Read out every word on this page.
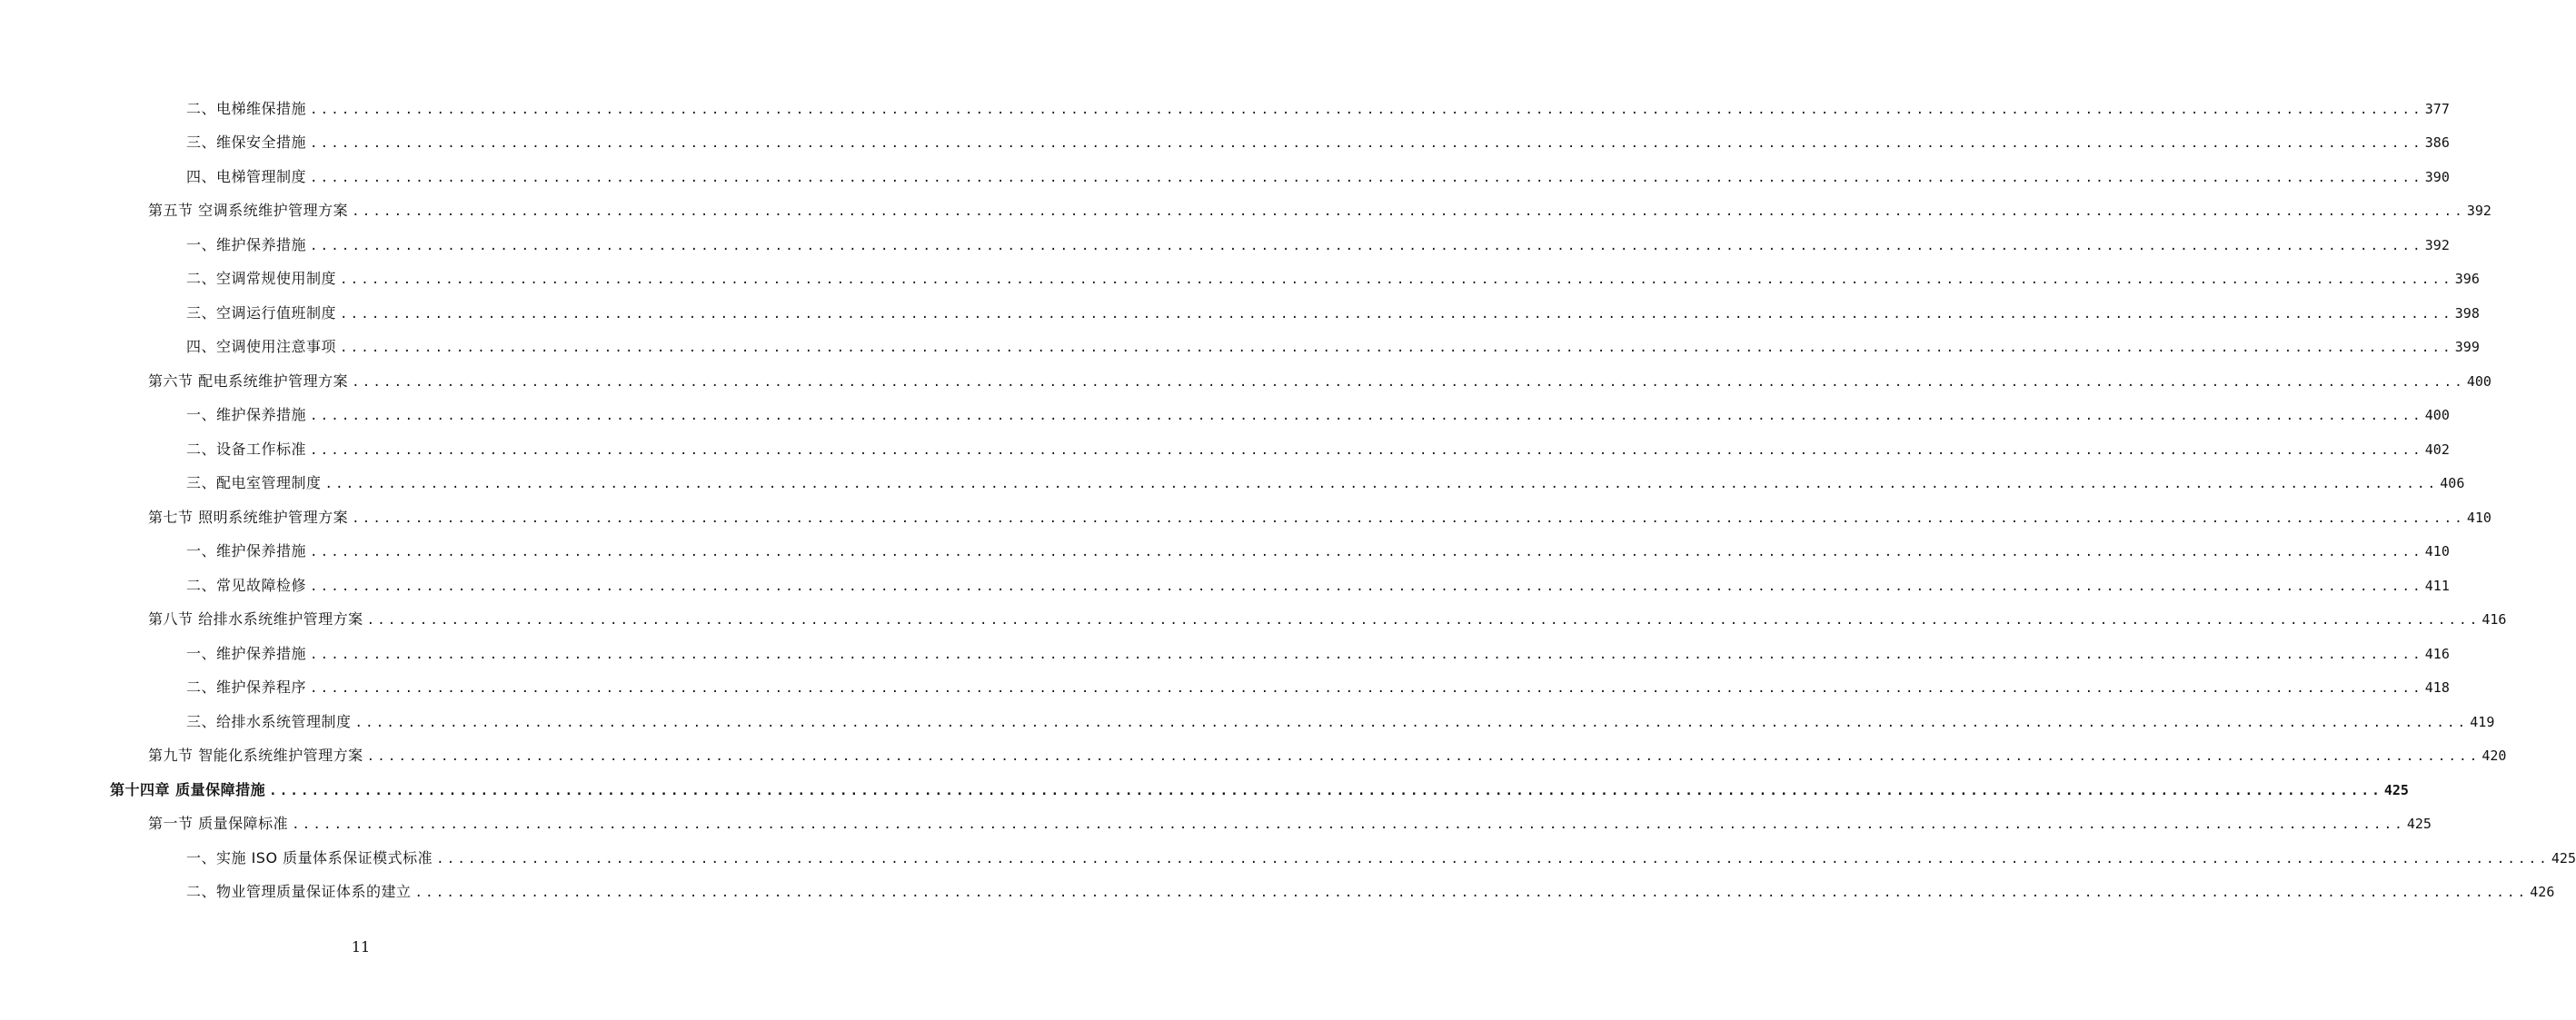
二、电梯维保措施 ........................................................................................................................................................................................................ 377
三、维保安全措施 ........................................................................................................................................................................................................ 386
四、电梯管理制度 ........................................................................................................................................................................................................ 390
第五节 空调系统维护管理方案 ........................................................................................................................................................................................................ 392
一、维护保养措施 ........................................................................................................................................................................................................ 392
二、空调常规使用制度 ........................................................................................................................................................................................................ 396
三、空调运行值班制度 ........................................................................................................................................................................................................ 398
四、空调使用注意事项 ........................................................................................................................................................................................................ 399
第六节 配电系统维护管理方案 ........................................................................................................................................................................................................ 400
一、维护保养措施 ........................................................................................................................................................................................................ 400
二、设备工作标准 ........................................................................................................................................................................................................ 402
三、配电室管理制度 ........................................................................................................................................................................................................ 406
第七节 照明系统维护管理方案 ........................................................................................................................................................................................................ 410
一、维护保养措施 ........................................................................................................................................................................................................ 410
二、常见故障检修 ........................................................................................................................................................................................................ 411
第八节 给排水系统维护管理方案 ........................................................................................................................................................................................................ 416
一、维护保养措施 ........................................................................................................................................................................................................ 416
二、维护保养程序 ........................................................................................................................................................................................................ 418
三、给排水系统管理制度 ........................................................................................................................................................................................................ 419
第九节 智能化系统维护管理方案 ........................................................................................................................................................................................................ 420
第十四章 质量保障措施 ........................................................................................................................................................................................................ 425
第一节 质量保障标准 ........................................................................................................................................................................................................ 425
一、实施 ISO 质量体系保证模式标准 ........................................................................................................................................................................................................ 425
二、物业管理质量保证体系的建立 ........................................................................................................................................................................................................ 426
11
